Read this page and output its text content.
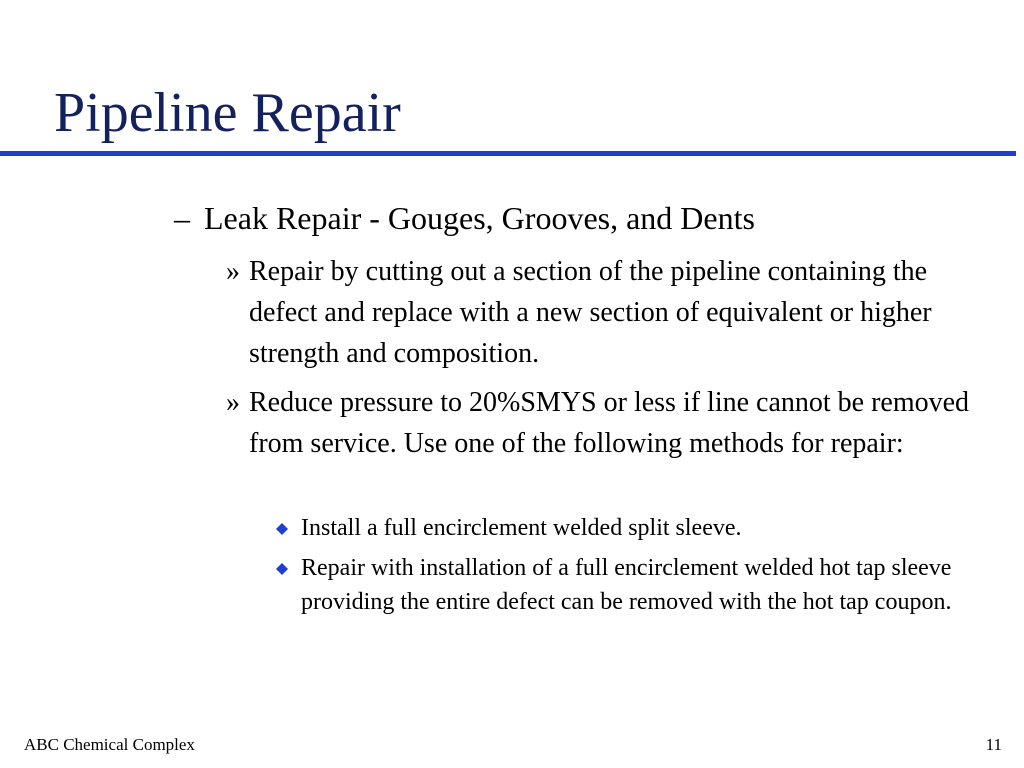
Pipeline Repair

– Leak Repair - Gouges, Grooves, and Dents

» Repair by cutting out a section of the pipeline containing the defect and replace with a new section of equivalent or higher strength and composition.

» Reduce pressure to 20%SMYS or less if line cannot be removed from service. Use one of the following methods for repair:

Install a full encirclement welded split sleeve.

Repair with installation of a full encirclement welded hot tap sleeve providing the entire defect can be removed with the hot tap coupon.

ABC Chemical Complex	11
